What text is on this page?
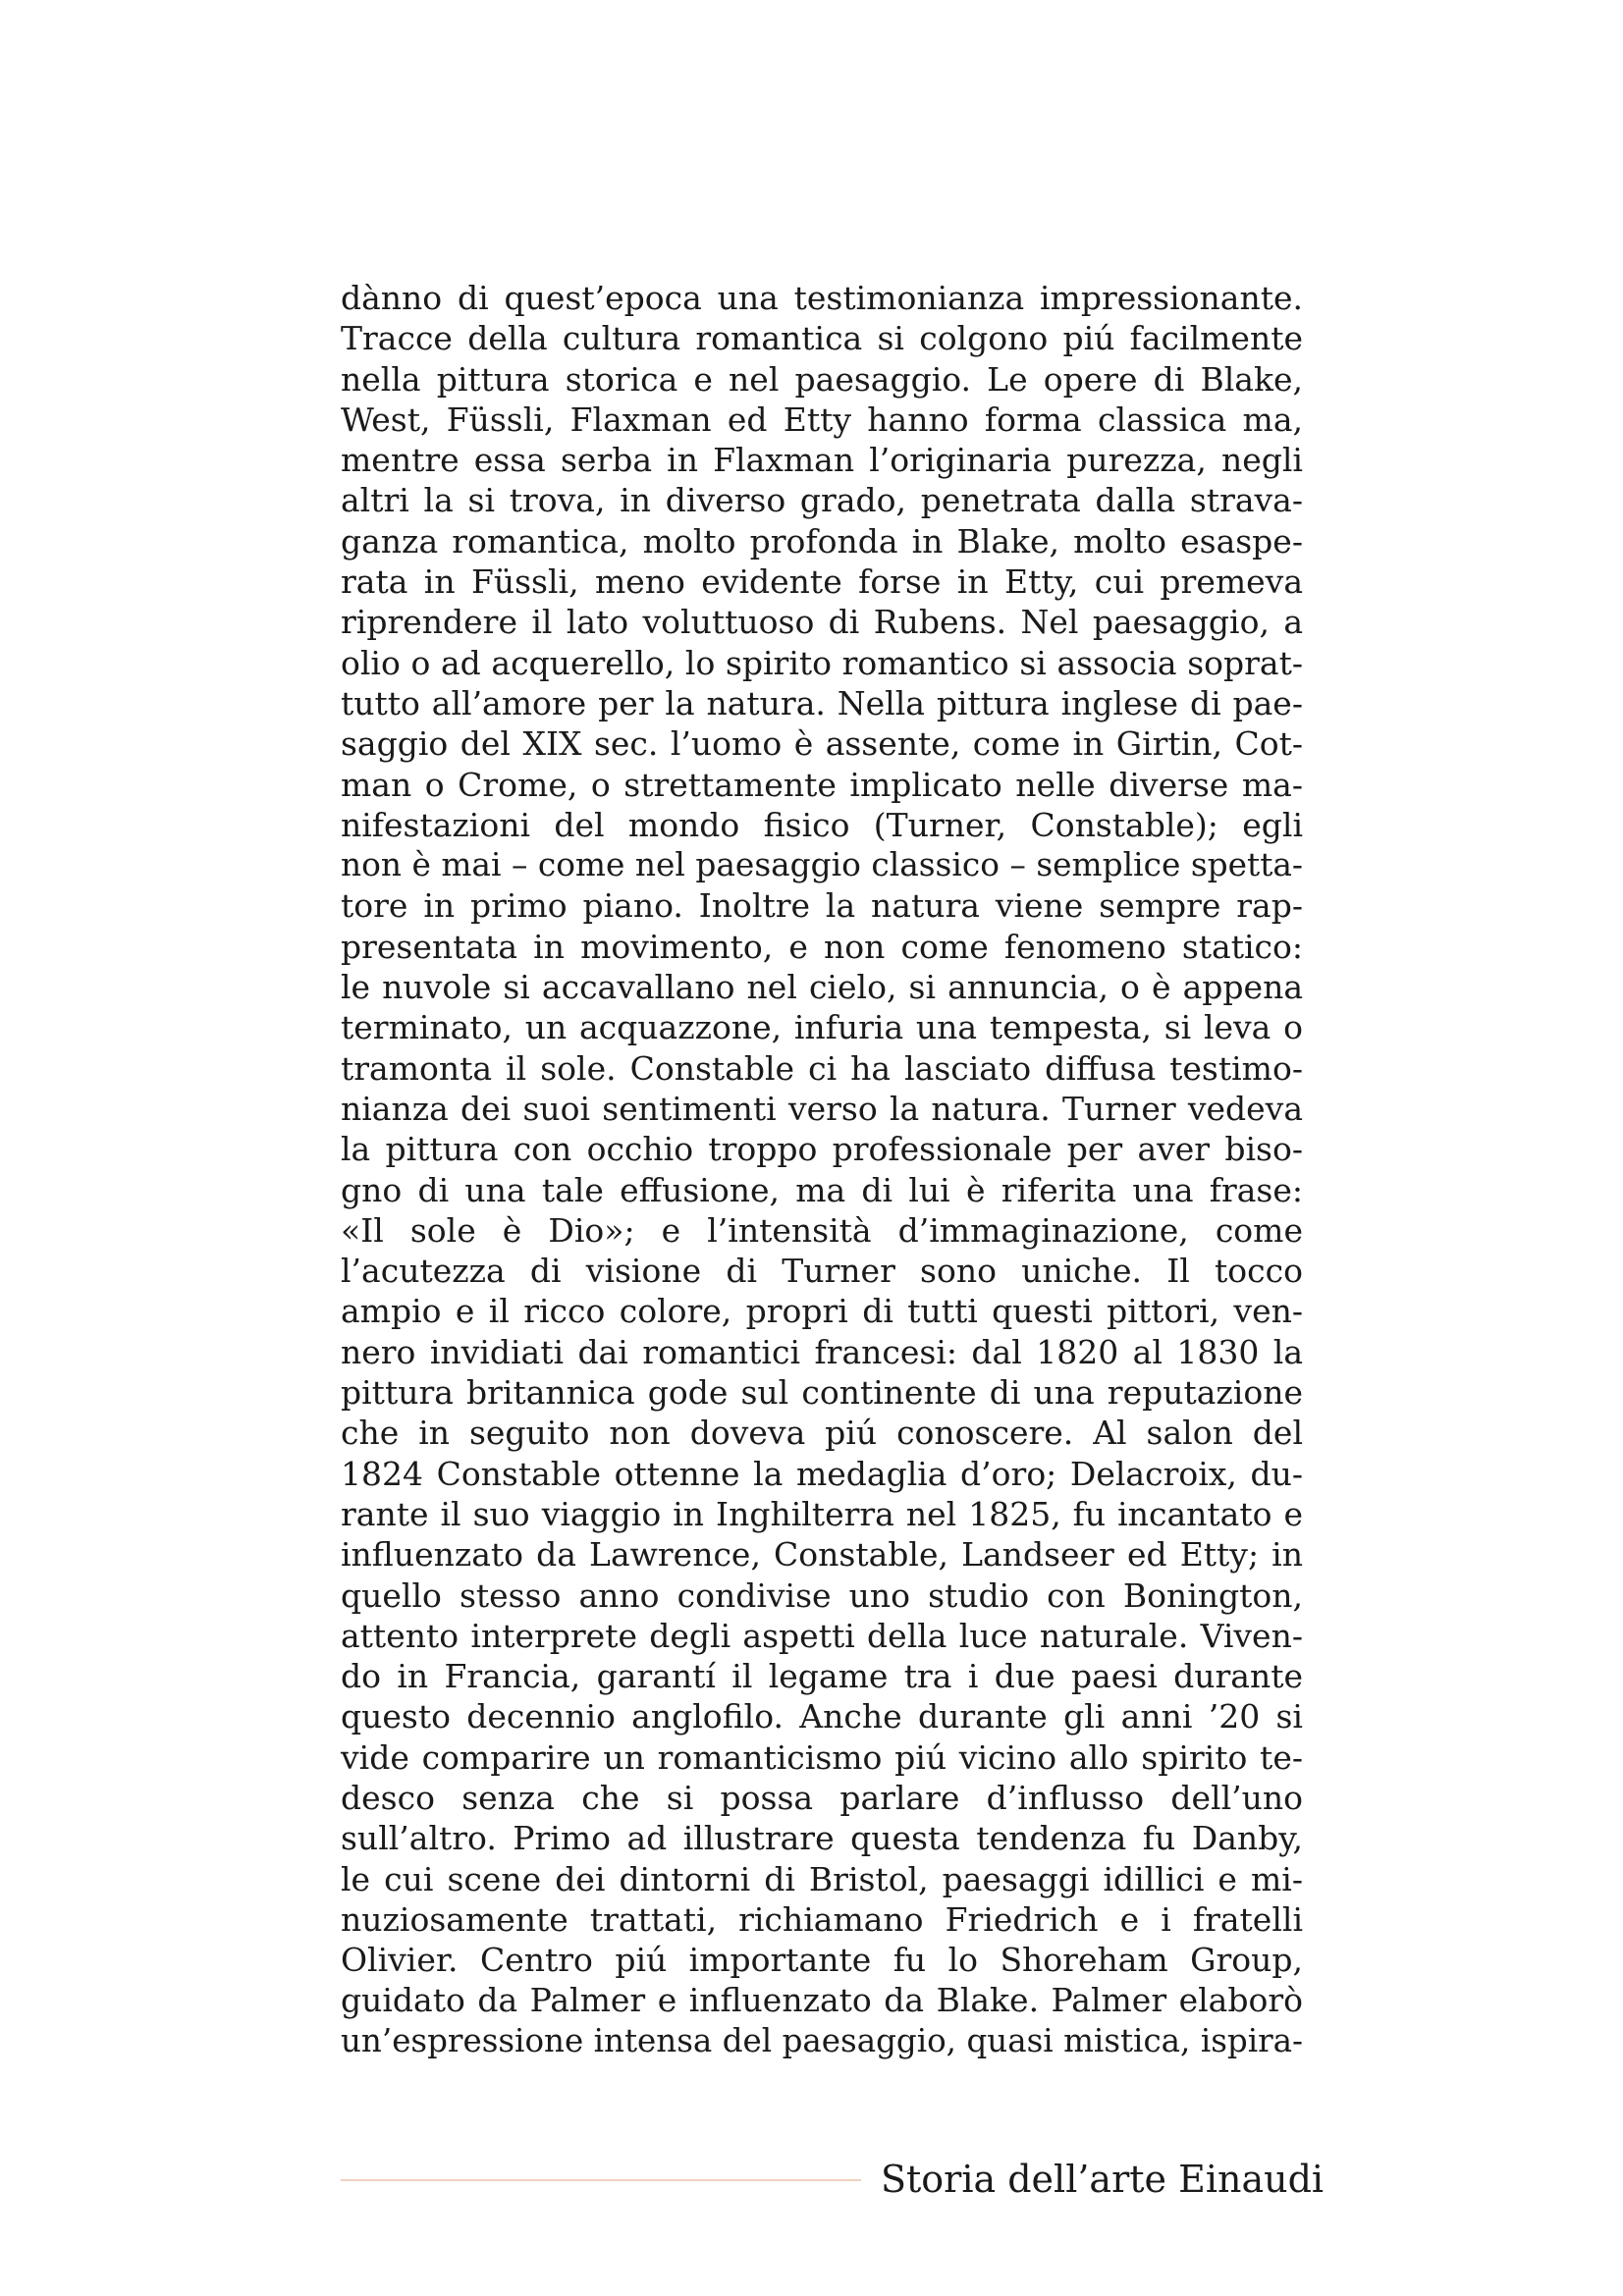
dànno di quest’epoca una testimonianza impressionante.
Tracce della cultura romantica si colgono piú facilmente
nella pittura storica e nel paesaggio. Le opere di Blake,
West, Füssli, Flaxman ed Etty hanno forma classica ma,
mentre essa serba in Flaxman l’originaria purezza, negli
altri la si trova, in diverso grado, penetrata dalla strava-
ganza romantica, molto profonda in Blake, molto esaspe-
rata in Füssli, meno evidente forse in Etty, cui premeva
riprendere il lato voluttuoso di Rubens. Nel paesaggio, a
olio o ad acquerello, lo spirito romantico si associa soprat-
tutto all’amore per la natura. Nella pittura inglese di pae-
saggio del XIX sec. l’uomo è assente, come in Girtin, Cot-
man o Crome, o strettamente implicato nelle diverse ma-
nifestazioni del mondo fisico (Turner, Constable); egli
non è mai – come nel paesaggio classico – semplice spetta-
tore in primo piano. Inoltre la natura viene sempre rap-
presentata in movimento, e non come fenomeno statico:
le nuvole si accavallano nel cielo, si annuncia, o è appena
terminato, un acquazzone, infuria una tempesta, si leva o
tramonta il sole. Constable ci ha lasciato diffusa testimo-
nianza dei suoi sentimenti verso la natura. Turner vedeva
la pittura con occhio troppo professionale per aver biso-
gno di una tale effusione, ma di lui è riferita una frase:
«Il sole è Dio»; e l’intensità d’immaginazione, come
l’acutezza di visione di Turner sono uniche. Il tocco
ampio e il ricco colore, propri di tutti questi pittori, ven-
nero invidiati dai romantici francesi: dal 1820 al 1830 la
pittura britannica gode sul continente di una reputazione
che in seguito non doveva piú conoscere. Al salon del
1824 Constable ottenne la medaglia d’oro; Delacroix, du-
rante il suo viaggio in Inghilterra nel 1825, fu incantato e
influenzato da Lawrence, Constable, Landseer ed Etty; in
quello stesso anno condivise uno studio con Bonington,
attento interprete degli aspetti della luce naturale. Viven-
do in Francia, garantí il legame tra i due paesi durante
questo decennio anglofilo. Anche durante gli anni ’20 si
vide comparire un romanticismo piú vicino allo spirito te-
desco senza che si possa parlare d’influsso dell’uno
sull’altro. Primo ad illustrare questa tendenza fu Danby,
le cui scene dei dintorni di Bristol, paesaggi idillici e mi-
nuziosamente trattati, richiamano Friedrich e i fratelli
Olivier. Centro piú importante fu lo Shoreham Group,
guidato da Palmer e influenzato da Blake. Palmer elaborò
un’espressione intensa del paesaggio, quasi mistica, ispira-
Storia dell’arte Einaudi
